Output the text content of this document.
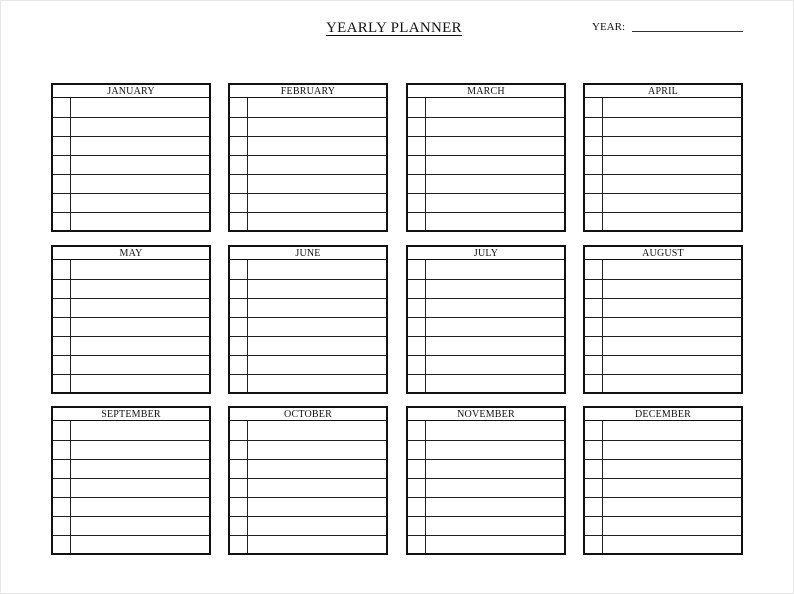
YEARLY PLANNER	YEAR:
JANUARY	FEBRUARY	MARCH	APRIL
MAY	JUNE	JULY	AUGUST
SEPTEMBER	OCTOBER	NOVEMBER	DECEMBER
